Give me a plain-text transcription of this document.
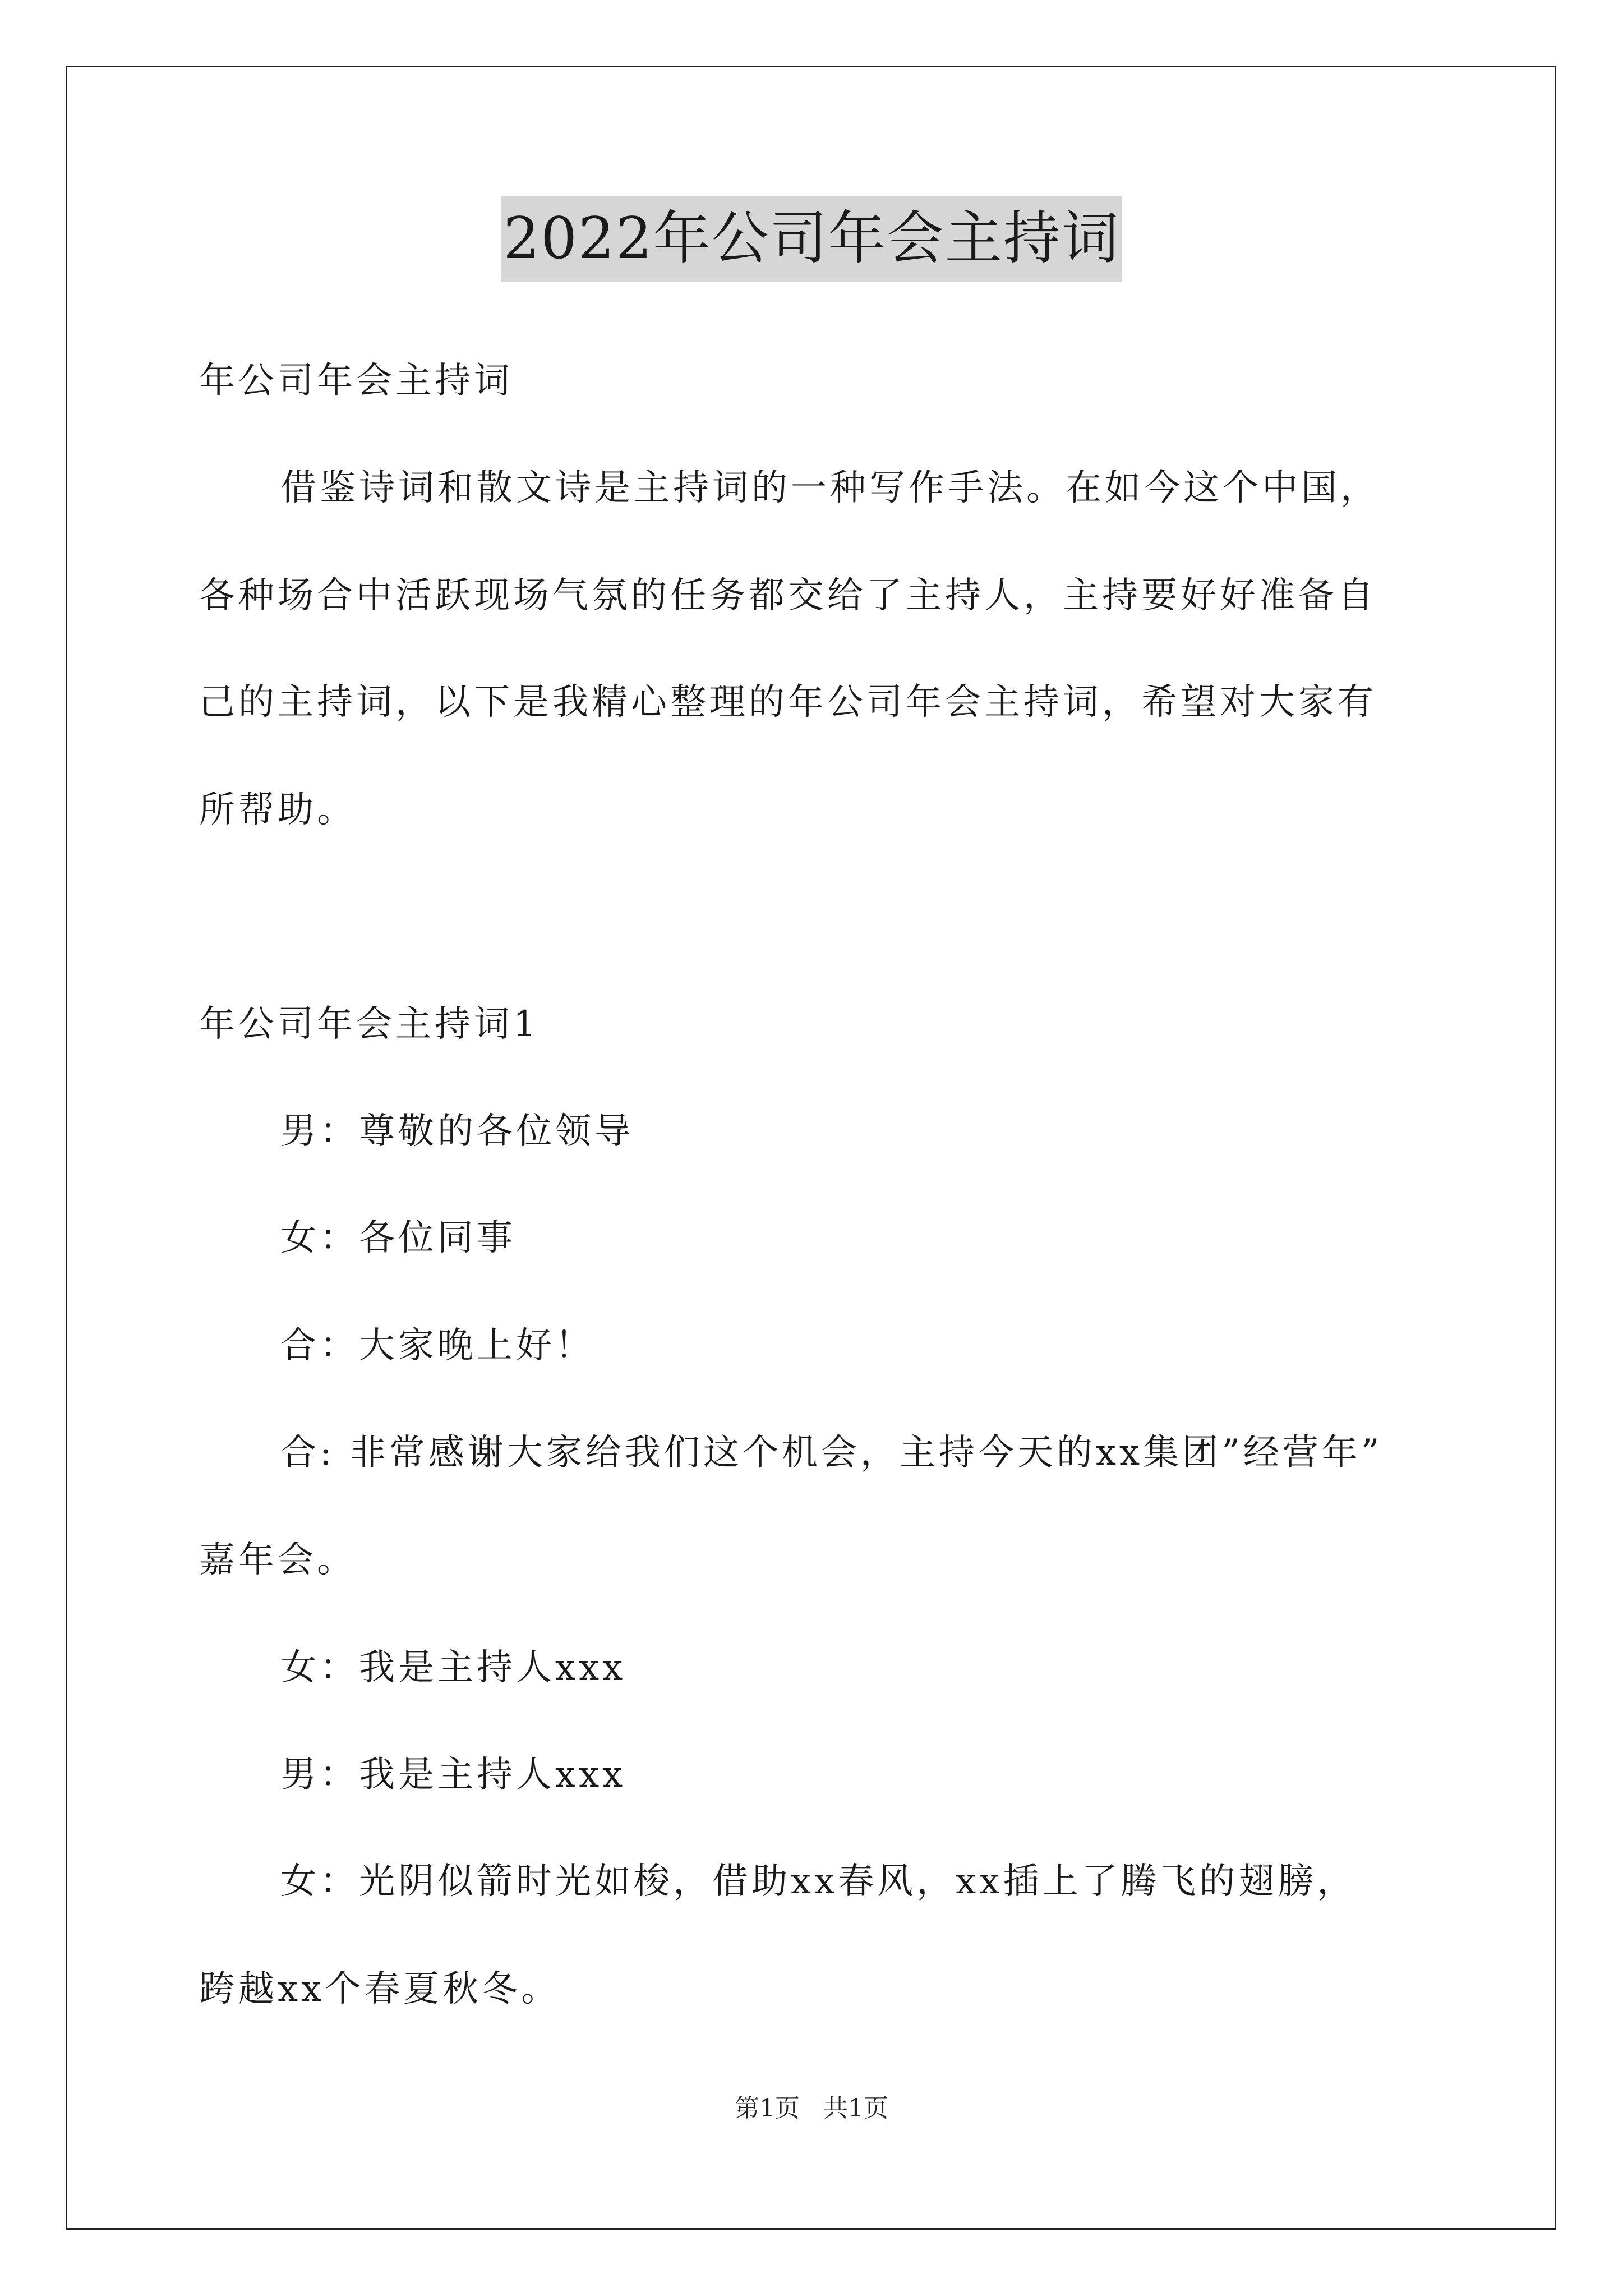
2022年公司年会主持词
年公司年会主持词
借鉴诗词和散文诗是主持词的一种写作手法。在如今这个中国，
各种场合中活跃现场气氛的任务都交给了主持人，主持要好好准备自
己的主持词，以下是我精心整理的年公司年会主持词，希望对大家有
所帮助。
年公司年会主持词1
男：尊敬的各位领导
女：各位同事
合：大家晚上好！
合: 非常感谢大家给我们这个机会，主持今天的xx集团”经营年”
嘉年会。
女：我是主持人xxx
男：我是主持人xxx
女：光阴似箭时光如梭，借助xx春风，xx插上了腾飞的翅膀，
跨越xx个春夏秋冬。
第1页   共1页
